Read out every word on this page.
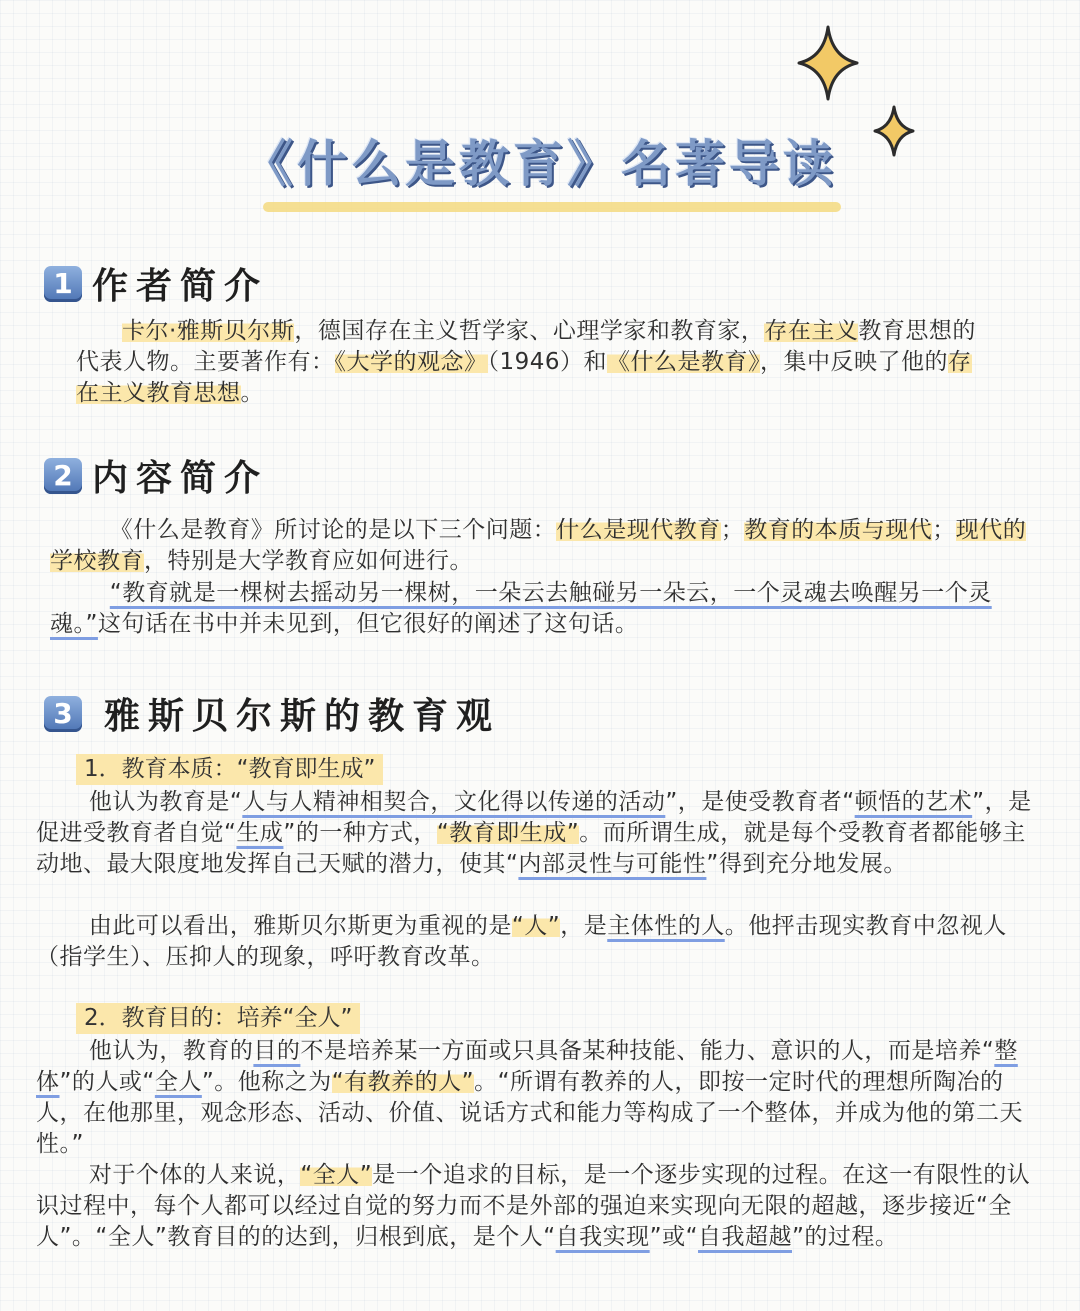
《什么是教育》名著导读
1 作者简介

卡尔·雅斯贝尔斯，德国存在主义哲学家、心理学家和教育家，存在主义教育思想的代表人物。主要著作有：《大学的观念》（1946）和《什么是教育》，集中反映了他的存在主义教育思想。

2 内容简介

《什么是教育》所讨论的是以下三个问题：什么是现代教育；教育的本质与现代；现代的学校教育，特别是大学教育应如何进行。

“教育就是一棵树去摇动另一棵树，一朵云去触碰另一朵云，一个灵魂去唤醒另一个灵魂。”这句话在书中并未见到，但它很好的阐述了这句话。

3 雅斯贝尔斯的教育观
1．教育本质：“教育即生成”

他认为教育是“人与人精神相契合，文化得以传递的活动”，是使受教育者“顿悟的艺术”，是促进受教育者自觉“生成”的一种方式，“教育即生成”。而所谓生成，就是每个受教育者都能够主动地、最大限度地发挥自己天赋的潜力，使其“内部灵性与可能性”得到充分地发展。

由此可以看出，雅斯贝尔斯更为重视的是“人”，是主体性的人。他抨击现实教育中忽视人（指学生）、压抑人的现象，呼吁教育改革。

2．教育目的：培养“全人”

他认为，教育的目的不是培养某一方面或只具备某种技能、能力、意识的人，而是培养“整体”的人或“全人”。他称之为“有教养的人”。“所谓有教养的人，即按一定时代的理想所陶冶的人，在他那里，观念形态、活动、价值、说话方式和能力等构成了一个整体，并成为他的第二天性。”

对于个体的人来说，“全人”是一个追求的目标，是一个逐步实现的过程。在这一有限性的认识过程中，每个人都可以经过自觉的努力而不是外部的强迫来实现向无限的超越，逐步接近“全人”。“全人”教育目的的达到，归根到底，是个人“自我实现”或“自我超越”的过程。
